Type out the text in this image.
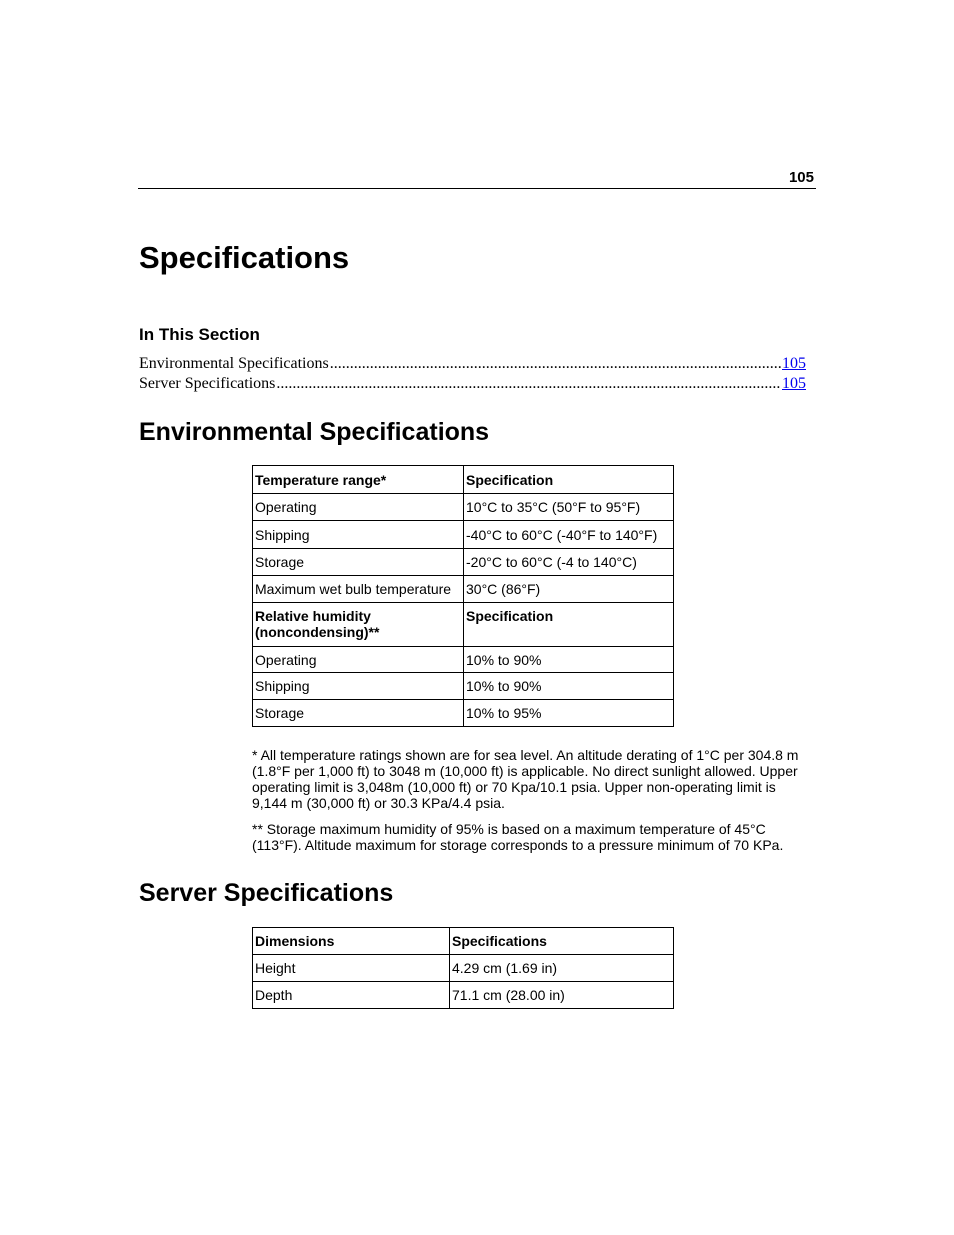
105
Specifications
In This Section
Environmental Specifications .....	105
Server Specifications .....	105
Environmental Specifications
Temperature range*	Specification
Operating	10°C to 35°C (50°F to 95°F)
Shipping	-40°C to 60°C (-40°F to 140°F)
Storage	-20°C to 60°C (-4 to 140°C)
Maximum wet bulb temperature	30°C (86°F)
Relative humidity (noncondensing)**	Specification
Operating	10% to 90%
Shipping	10% to 90%
Storage	10% to 95%

* All temperature ratings shown are for sea level. An altitude derating of 1°C per 304.8 m (1.8°F per 1,000 ft) to 3048 m (10,000 ft) is applicable. No direct sunlight allowed. Upper operating limit is 3,048m (10,000 ft) or 70 Kpa/10.1 psia. Upper non-operating limit is 9,144 m (30,000 ft) or 30.3 KPa/4.4 psia.

** Storage maximum humidity of 95% is based on a maximum temperature of 45°C (113°F). Altitude maximum for storage corresponds to a pressure minimum of 70 KPa.

Server Specifications
Dimensions	Specifications
Height	4.29 cm (1.69 in)
Depth	71.1 cm (28.00 in)
